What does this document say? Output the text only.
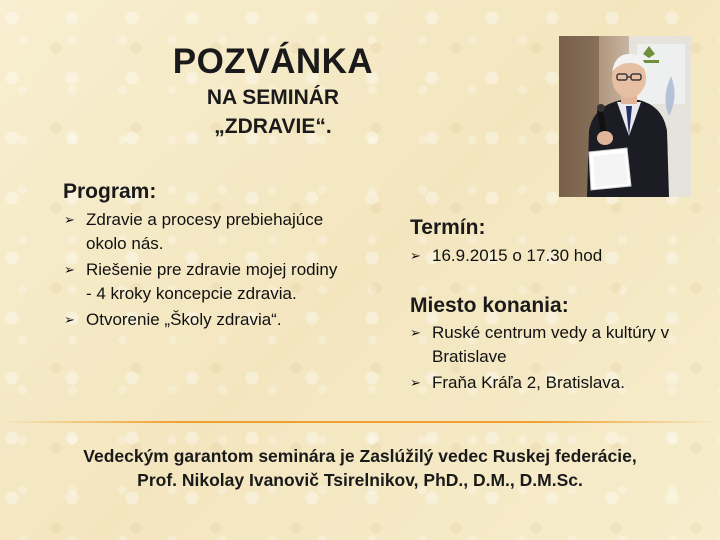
POZVÁNKA
NA SEMINÁR
„ZDRAVIE“.
Program:
➢ Zdravie a procesy prebiehajúce okolo nás.
➢ Riešenie pre zdravie mojej rodiny - 4 kroky koncepcie zdravia.
➢ Otvorenie „Školy zdravia“.
Termín:
➢ 16.9.2015 o 17.30 hod
Miesto konania:
➢ Ruské centrum vedy a kultúry v Bratislave
➢ Fraňa Kráľa 2, Bratislava.
Vedeckým garantom seminára je Zaslúžilý vedec Ruskej federácie,
Prof. Nikolay Ivanovič Tsirelnikov, PhD., D.M., D.M.Sc.
